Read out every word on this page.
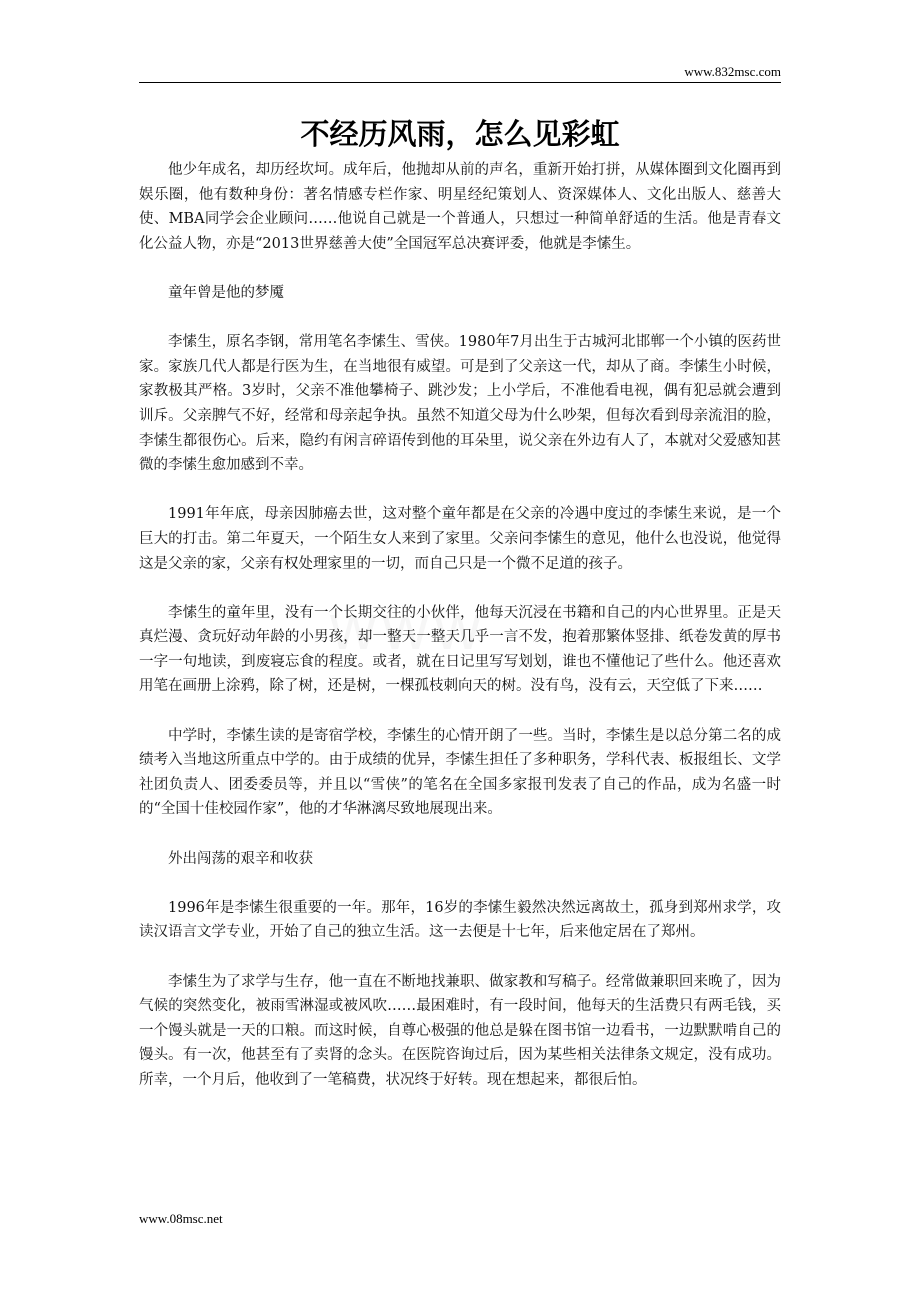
www.832msc.com
不经历风雨，怎么见彩虹

他少年成名，却历经坎坷。成年后，他抛却从前的声名，重新开始打拼，从媒体圈到文化圈再到娱乐圈，他有数种身份：著名情感专栏作家、明星经纪策划人、资深媒体人、文化出版人、慈善大使、MBA同学会企业顾问……他说自己就是一个普通人，只想过一种简单舒适的生活。他是青春文化公益人物，亦是“2013世界慈善大使”全国冠军总决赛评委，他就是李愫生。

童年曾是他的梦魇

李愫生，原名李钢，常用笔名李愫生、雪侠。1980年7月出生于古城河北邯郸一个小镇的医药世家。家族几代人都是行医为生，在当地很有威望。可是到了父亲这一代，却从了商。李愫生小时候，家教极其严格。3岁时，父亲不准他攀椅子、跳沙发；上小学后，不准他看电视，偶有犯忌就会遭到训斥。父亲脾气不好，经常和母亲起争执。虽然不知道父母为什么吵架，但每次看到母亲流泪的脸，李愫生都很伤心。后来，隐约有闲言碎语传到他的耳朵里，说父亲在外边有人了，本就对父爱感知甚微的李愫生愈加感到不幸。

1991年年底，母亲因肺癌去世，这对整个童年都是在父亲的冷遇中度过的李愫生来说，是一个巨大的打击。第二年夏天，一个陌生女人来到了家里。父亲问李愫生的意见，他什么也没说，他觉得这是父亲的家，父亲有权处理家里的一切，而自己只是一个微不足道的孩子。

李愫生的童年里，没有一个长期交往的小伙伴，他每天沉浸在书籍和自己的内心世界里。正是天真烂漫、贪玩好动年龄的小男孩，却一整天一整天几乎一言不发，抱着那繁体竖排、纸卷发黄的厚书一字一句地读，到废寝忘食的程度。或者，就在日记里写写划划，谁也不懂他记了些什么。他还喜欢用笔在画册上涂鸦，除了树，还是树，一棵孤枝刺向天的树。没有鸟，没有云，天空低了下来……

中学时，李愫生读的是寄宿学校，李愫生的心情开朗了一些。当时，李愫生是以总分第二名的成绩考入当地这所重点中学的。由于成绩的优异，李愫生担任了多种职务，学科代表、板报组长、文学社团负责人、团委委员等，并且以“雪侠”的笔名在全国多家报刊发表了自己的作品，成为名盛一时的“全国十佳校园作家”，他的才华淋漓尽致地展现出来。

外出闯荡的艰辛和收获

1996年是李愫生很重要的一年。那年，16岁的李愫生毅然决然远离故土，孤身到郑州求学，攻读汉语言文学专业，开始了自己的独立生活。这一去便是十七年，后来他定居在了郑州。

李愫生为了求学与生存，他一直在不断地找兼职、做家教和写稿子。经常做兼职回来晚了，因为气候的突然变化，被雨雪淋湿或被风吹……最困难时，有一段时间，他每天的生活费只有两毛钱，买一个馒头就是一天的口粮。而这时候，自尊心极强的他总是躲在图书馆一边看书，一边默默啃自己的馒头。有一次，他甚至有了卖肾的念头。在医院咨询过后，因为某些相关法律条文规定，没有成功。所幸，一个月后，他收到了一笔稿费，状况终于好转。现在想起来，都很后怕。

www.08msc.net
